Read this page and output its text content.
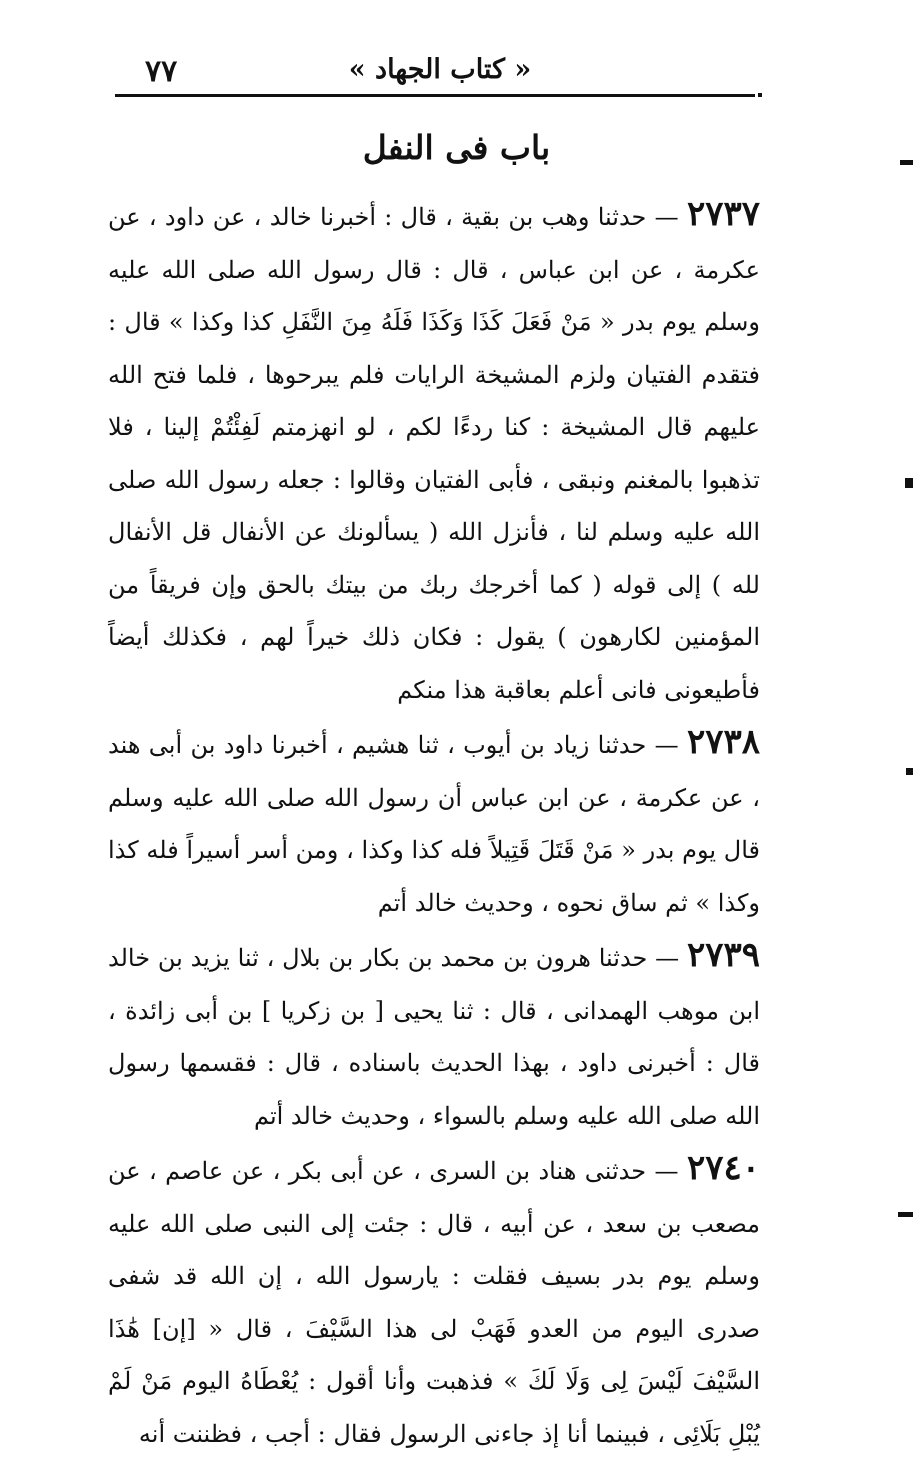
٧٧	« كتاب الجهاد »
باب فى النفل

٢٧٣٧ — حدثنا وهب بن بقية ، قال : أخبرنا خالد ، عن داود ، عن عكرمة ، عن ابن عباس ، قال : قال رسول الله صلى الله عليه وسلم يوم بدر « مَنْ فَعَلَ كَذَا وَكَذَا فَلَهُ مِنَ النَّفَلِ كذا وكذا » قال : فتقدم الفتيان ولزم المشيخة الرايات فلم يبرحوها ، فلما فتح الله عليهم قال المشيخة : كنا ردءًا لكم ، لو انهزمتم لَفِئْتُمْ إلينا ، فلا تذهبوا بالمغنم ونبقى ، فأبى الفتيان وقالوا : جعله رسول الله صلى الله عليه وسلم لنا ، فأنزل الله ( يسألونك عن الأنفال قل الأنفال لله ) إلى قوله ( كما أخرجك ربك من بيتك بالحق وإن فريقاً من المؤمنين لكارهون ) يقول : فكان ذلك خيراً لهم ، فكذلك أيضاً فأطيعونى فانى أعلم بعاقبة هذا منكم

٢٧٣٨ — حدثنا زياد بن أيوب ، ثنا هشيم ، أخبرنا داود بن أبى هند ، عن عكرمة ، عن ابن عباس أن رسول الله صلى الله عليه وسلم قال يوم بدر « مَنْ قَتَلَ قَتِيلاً فله كذا وكذا ، ومن أسر أسيراً فله كذا وكذا » ثم ساق نحوه ، وحديث خالد أتم

٢٧٣٩ — حدثنا هرون بن محمد بن بكار بن بلال ، ثنا يزيد بن خالد ابن موهب الهمدانى ، قال : ثنا يحيى [ بن زكريا ] بن أبى زائدة ، قال : أخبرنى داود ، بهذا الحديث باسناده ، قال : فقسمها رسول الله صلى الله عليه وسلم بالسواء ، وحديث خالد أتم

٢٧٤٠ — حدثنى هناد بن السرى ، عن أبى بكر ، عن عاصم ، عن مصعب بن سعد ، عن أبيه ، قال : جئت إلى النبى صلى الله عليه وسلم يوم بدر بسيف فقلت : يارسول الله ، إن الله قد شفى صدرى اليوم من العدو فَهَبْ لى هذا السَّيْفَ ، قال « [إن] هَٰذَا السَّيْفَ لَيْسَ لِى وَلَا لَكَ » فذهبت وأنا أقول : يُعْطَاهُ اليوم مَنْ لَمْ يُبْلِ بَلَائِى ، فبينما أنا إذ جاءنى الرسول فقال : أجب ، فظننت أنه
